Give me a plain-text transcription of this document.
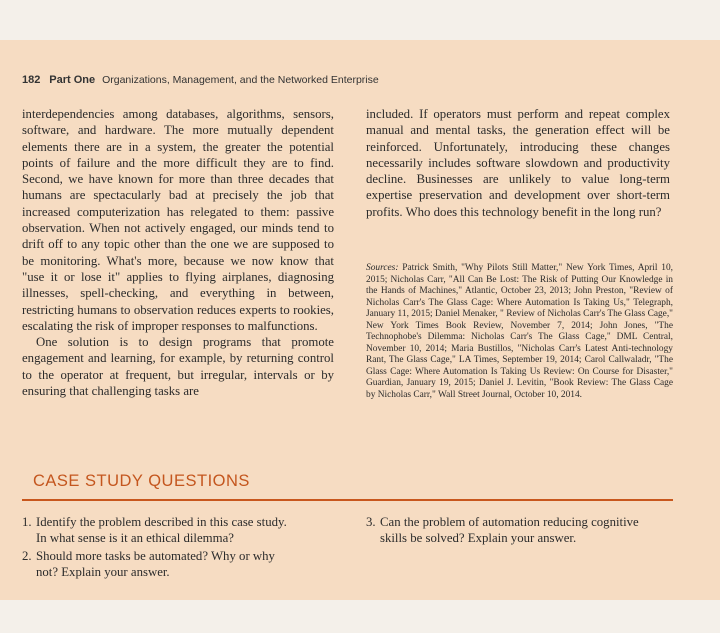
182 Part One Organizations, Management, and the Networked Enterprise

interdependencies among databases, algorithms, sensors, software, and hardware. The more mutually dependent elements there are in a system, the greater the potential points of failure and the more difficult they are to find. Second, we have known for more than three decades that humans are spectacularly bad at precisely the job that increased computerization has relegated to them: passive observation. When not actively engaged, our minds tend to drift off to any topic other than the one we are supposed to be monitoring. What's more, because we now know that "use it or lose it" applies to flying airplanes, diagnosing illnesses, spell-checking, and everything in between, restricting humans to observation reduces experts to rookies, escalating the risk of improper responses to malfunctions.

One solution is to design programs that promote engagement and learning, for example, by returning control to the operator at frequent, but irregular, intervals or by ensuring that challenging tasks are

included. If operators must perform and repeat complex manual and mental tasks, the generation effect will be reinforced. Unfortunately, introducing these changes necessarily includes software slowdown and productivity decline. Businesses are unlikely to value long-term expertise preservation and development over short-term profits. Who does this technology benefit in the long run?

Sources: Patrick Smith, "Why Pilots Still Matter," New York Times, April 10, 2015; Nicholas Carr, "All Can Be Lost: The Risk of Putting Our Knowledge in the Hands of Machines," Atlantic, October 23, 2013; John Preston, "Review of Nicholas Carr's The Glass Cage: Where Automation Is Taking Us," Telegraph, January 11, 2015; Daniel Menaker, " Review of Nicholas Carr's The Glass Cage," New York Times Book Review, November 7, 2014; John Jones, "The Technophobe's Dilemma: Nicholas Carr's The Glass Cage," DML Central, November 10, 2014; Maria Bustillos, "Nicholas Carr's Latest Anti-technology Rant, The Glass Cage," LA Times, September 19, 2014; Carol Callwaladr, "The Glass Cage: Where Automation Is Taking Us Review: On Course for Disaster," Guardian, January 19, 2015; Daniel J. Levitin, "Book Review: The Glass Cage by Nicholas Carr," Wall Street Journal, October 10, 2014.
CASE STUDY QUESTIONS
1. Identify the problem described in this case study.
In what sense is it an ethical dilemma?
2. Should more tasks be automated? Why or why
not? Explain your answer.
3. Can the problem of automation reducing cognitive
skills be solved? Explain your answer.
